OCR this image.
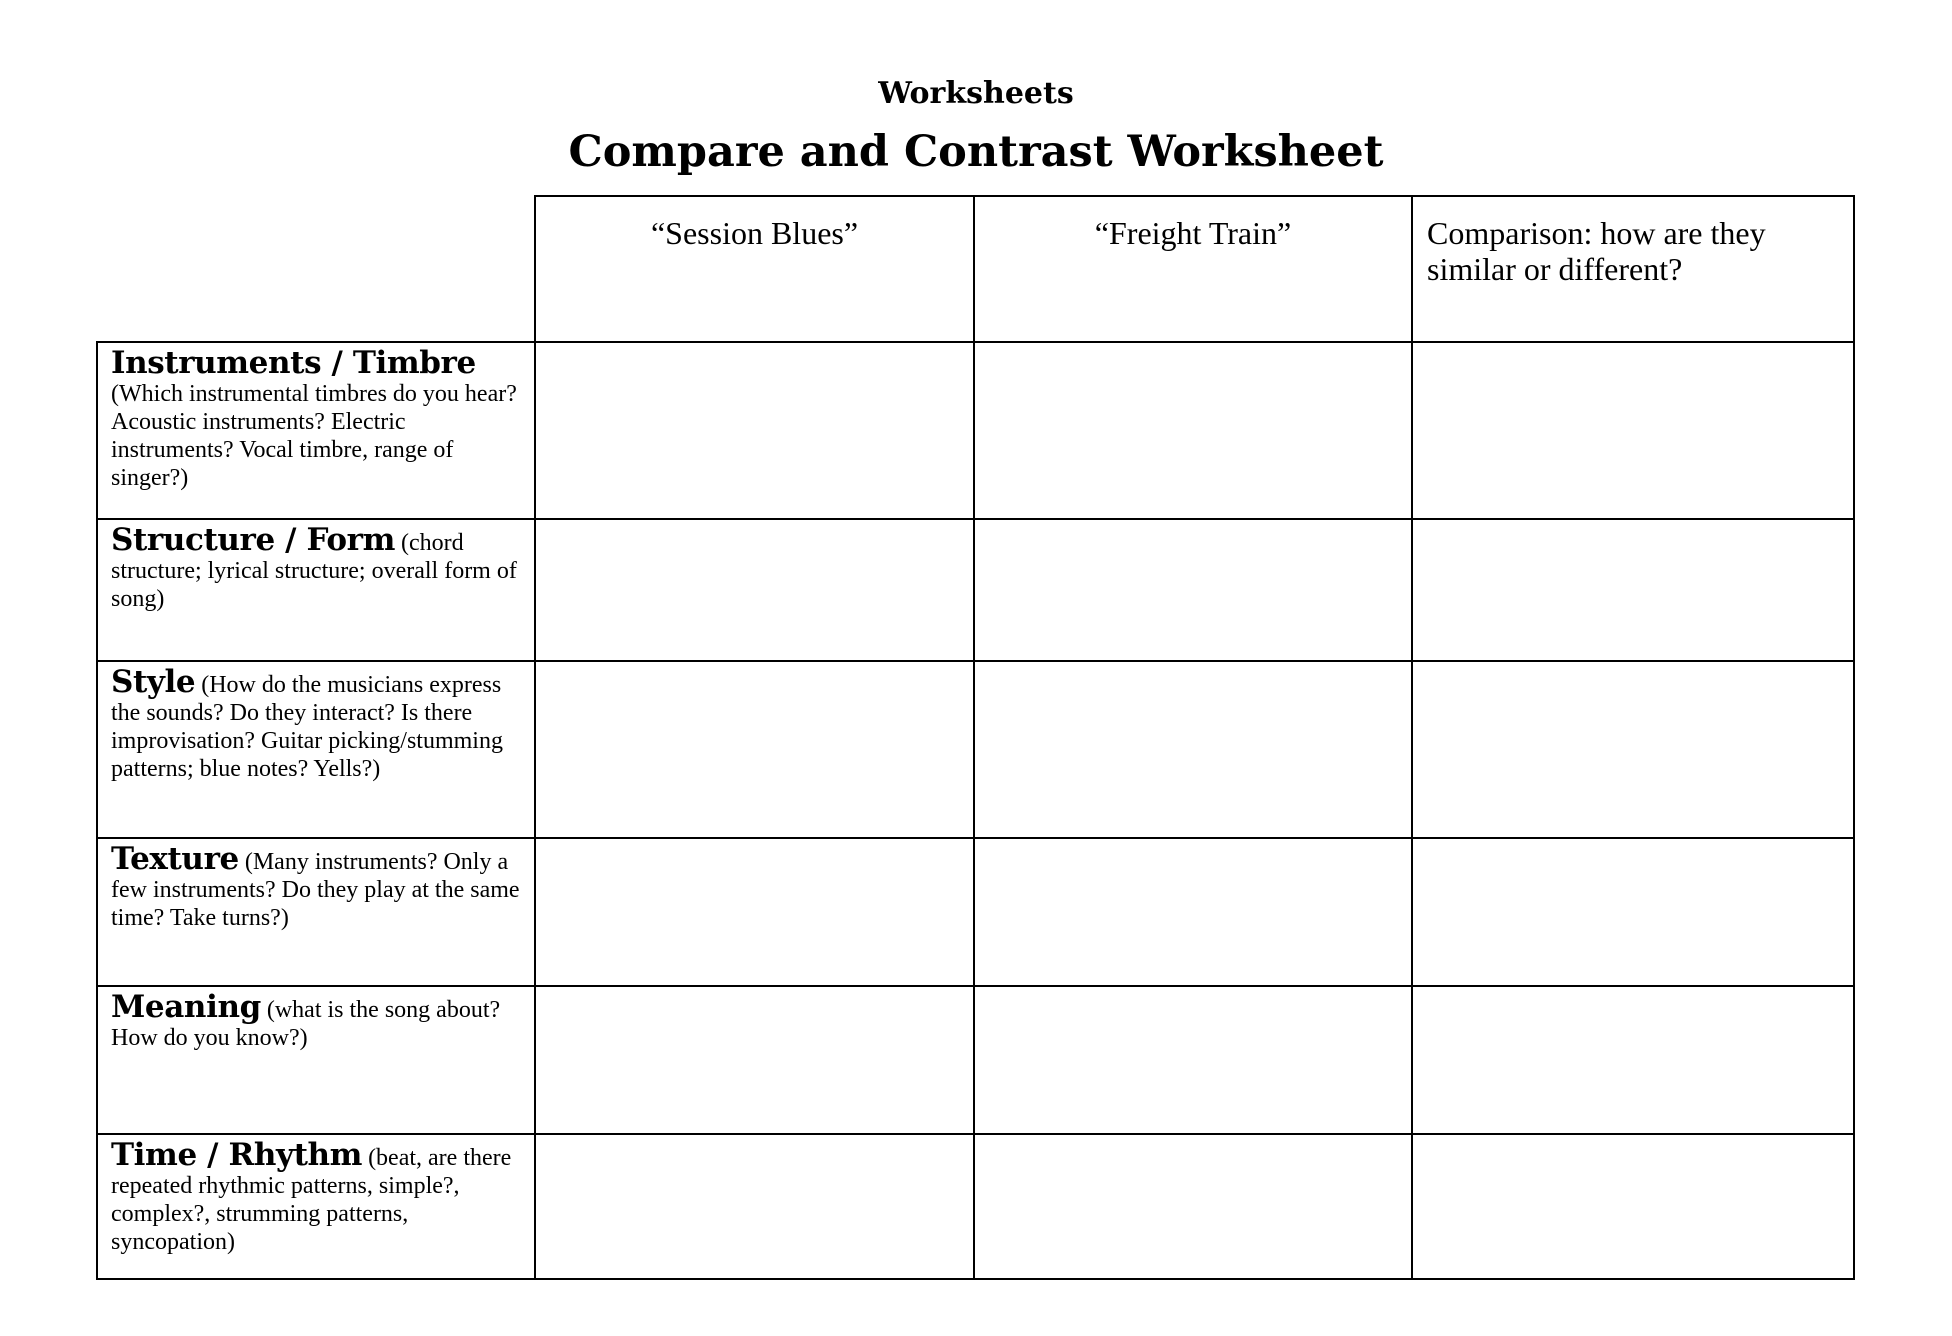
Worksheets
Compare and Contrast Worksheet

	“Session Blues”	“Freight Train”	Comparison: how are they similar or different?

Instruments / Timbre (Which instrumental timbres do you hear? Acoustic instruments? Electric instruments? Vocal timbre, range of singer?)			

Structure / Form (chord structure; lyrical structure; overall form of song)			

Style (How do the musicians express the sounds? Do they interact? Is there improvisation? Guitar picking/stumming patterns; blue notes? Yells?)			

Texture (Many instruments? Only a few instruments? Do they play at the same time? Take turns?)			

Meaning (what is the song about? How do you know?)			

Time / Rhythm (beat, are there repeated rhythmic patterns, simple?, complex?, strumming patterns, syncopation)			
